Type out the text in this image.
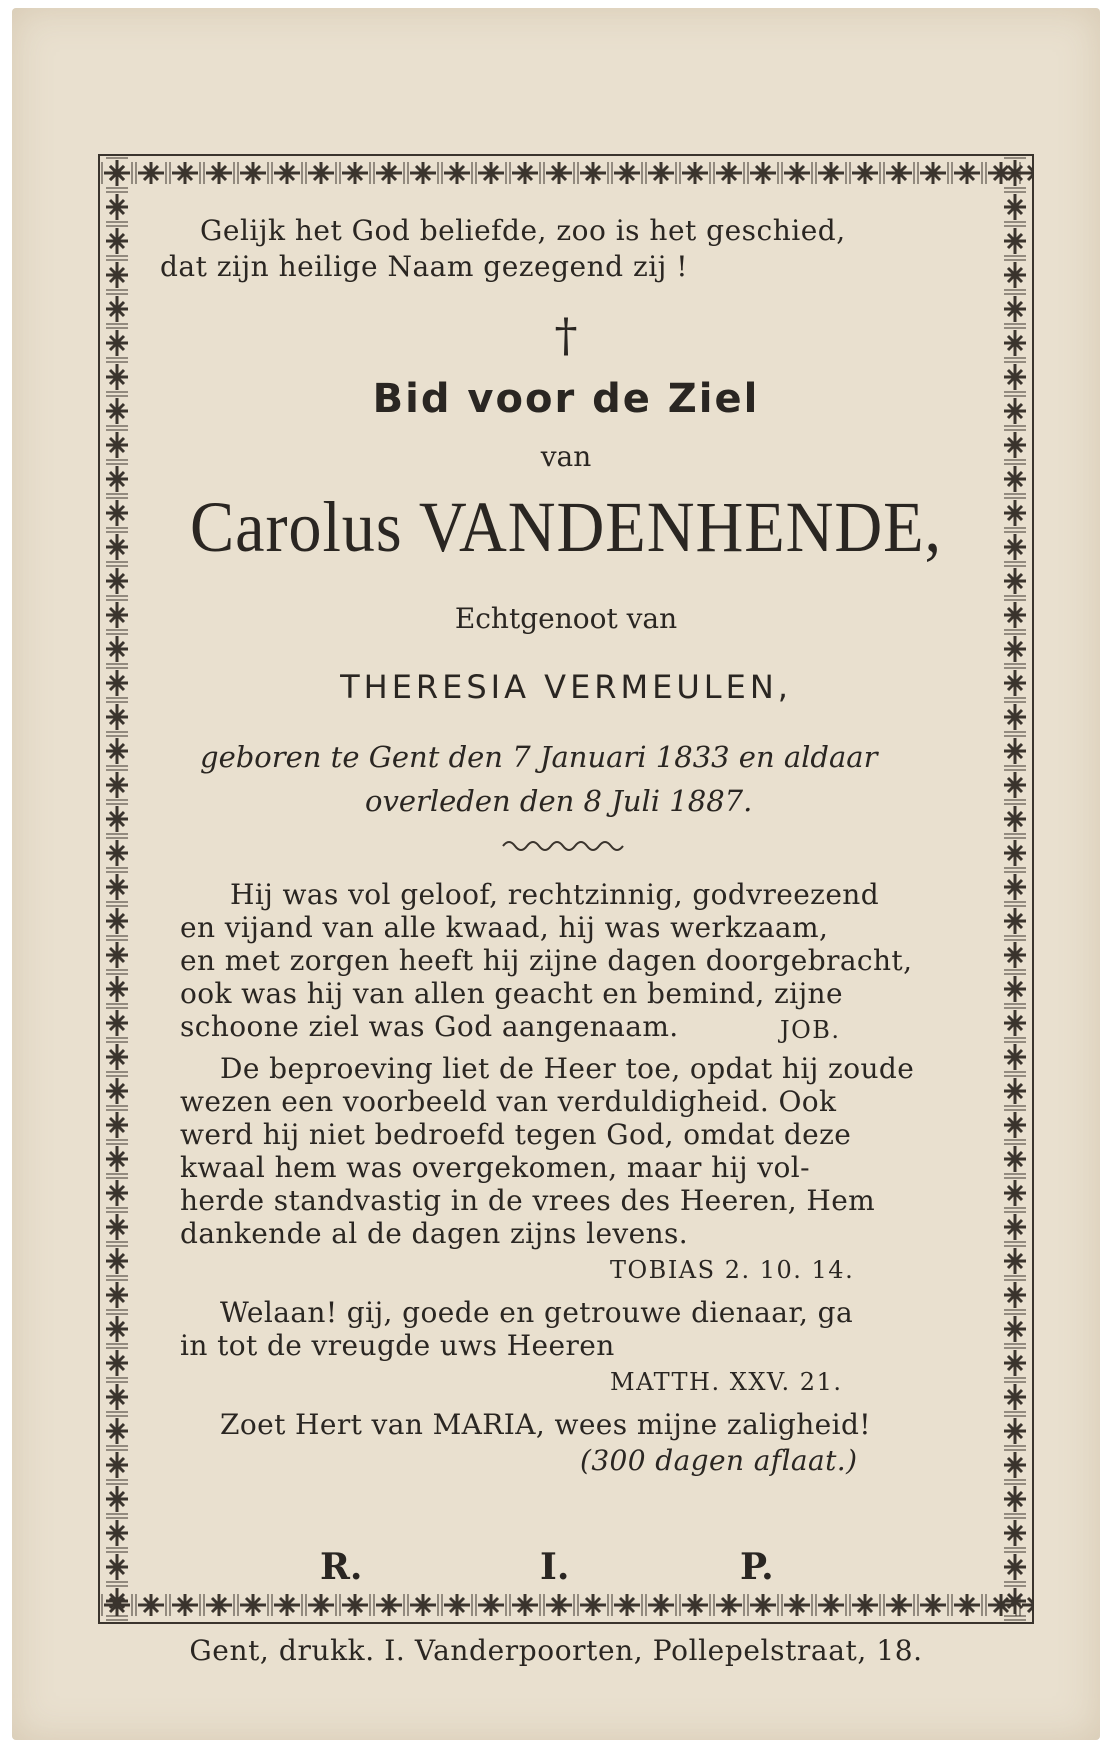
Gelijk het God beliefde, zoo is het geschied,
dat zijn heilige Naam gezegend zij !
†
Bid voor de Ziel
van
Carolus VANDENHENDE,
Echtgenoot van
THERESIA VERMEULEN,
geboren te Gent den 7 Januari 1833 en aldaar
overleden den 8 Juli 1887.
Hij was vol geloof, rechtzinnig, godvreezend
en vijand van alle kwaad, hij was werkzaam,
en met zorgen heeft hij zijne dagen doorgebracht,
ook was hij van allen geacht en bemind, zijne
schoone ziel was God aangenaam.	JOB.
De beproeving liet de Heer toe, opdat hij zoude
wezen een voorbeeld van verduldigheid. Ook
werd hij niet bedroefd tegen God, omdat deze
kwaal hem was overgekomen, maar hij vol-
herde standvastig in de vrees des Heeren, Hem
dankende al de dagen zijns levens.
TOBIAS 2. 10. 14.
Welaan! gij, goede en getrouwe dienaar, ga
in tot de vreugde uws Heeren
MATTH. XXV. 21.
Zoet Hert van MARIA, wees mijne zaligheid!
(300 dagen aflaat.)
R.	I.	P.
Gent, drukk. I. Vanderpoorten, Pollepelstraat, 18.
